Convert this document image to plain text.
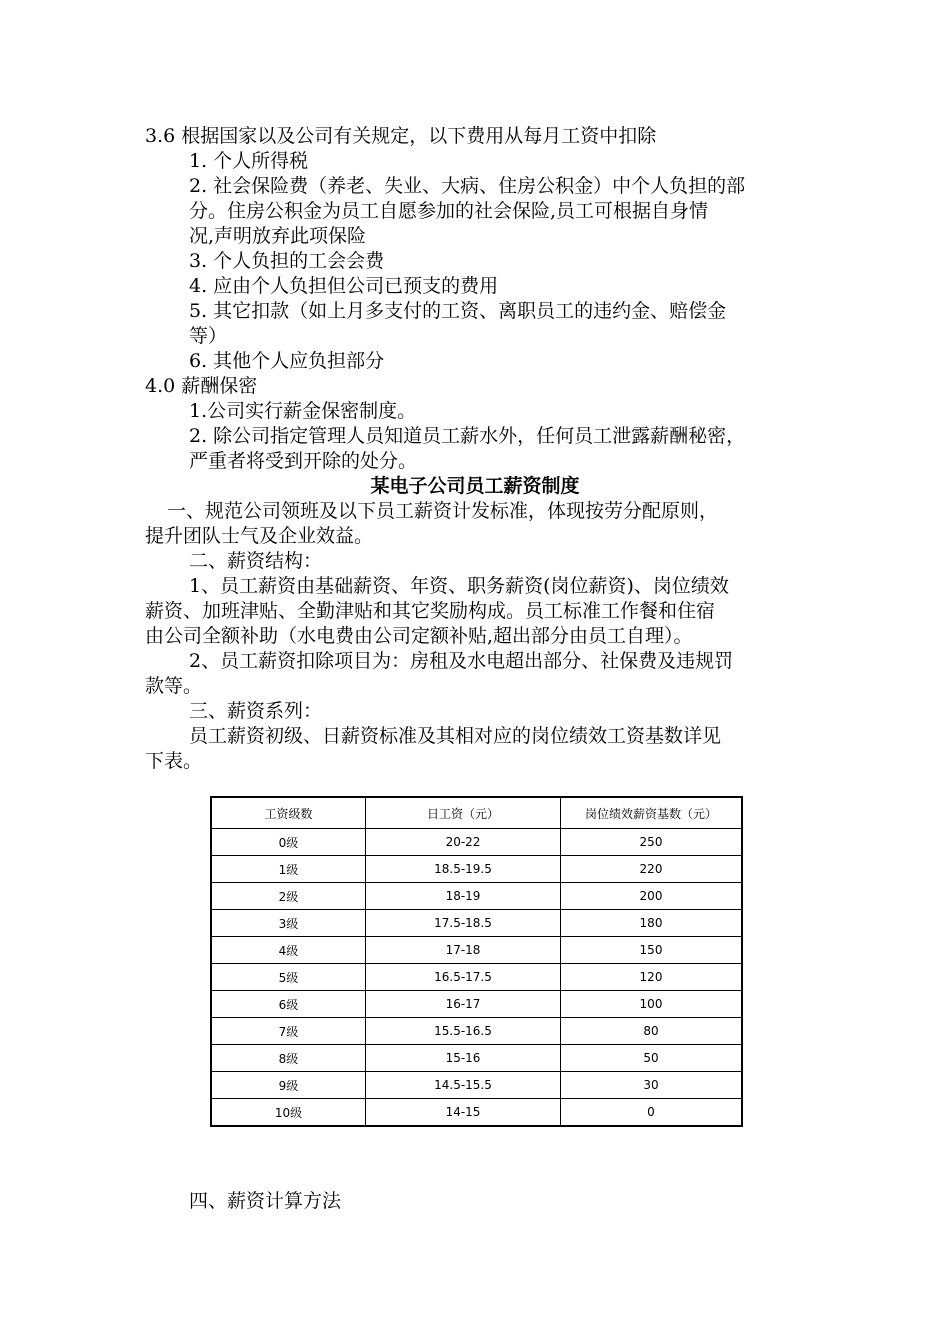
3.6 根据国家以及公司有关规定，以下费用从每月工资中扣除
1. 个人所得税
2. 社会保险费（养老、失业、大病、住房公积金）中个人负担的部
分。住房公积金为员工自愿参加的社会保险,员工可根据自身情
况,声明放弃此项保险
3. 个人负担的工会会费
4. 应由个人负担但公司已预支的费用
5. 其它扣款（如上月多支付的工资、离职员工的违约金、赔偿金
等）
6. 其他个人应负担部分
4.0 薪酬保密
1.公司实行薪金保密制度。
2. 除公司指定管理人员知道员工薪水外，任何员工泄露薪酬秘密，
严重者将受到开除的处分。
某电子公司员工薪资制度
一、规范公司领班及以下员工薪资计发标准，体现按劳分配原则，
提升团队士气及企业效益。
二、薪资结构：
1、员工薪资由基础薪资、年资、职务薪资(岗位薪资)、岗位绩效
薪资、加班津贴、全勤津贴和其它奖励构成。员工标准工作餐和住宿
由公司全额补助（水电费由公司定额补贴,超出部分由员工自理）。
2、员工薪资扣除项目为：房租及水电超出部分、社保费及违规罚
款等。
三、薪资系列：
员工薪资初级、日薪资标准及其相对应的岗位绩效工资基数详见
下表。
工资级数	日工资（元）	岗位绩效薪资基数（元）
0级	20-22	250
1级	18.5-19.5	220
2级	18-19	200
3级	17.5-18.5	180
4级	17-18	150
5级	16.5-17.5	120
6级	16-17	100
7级	15.5-16.5	80
8级	15-16	50
9级	14.5-15.5	30
10级	14-15	0
四、薪资计算方法
